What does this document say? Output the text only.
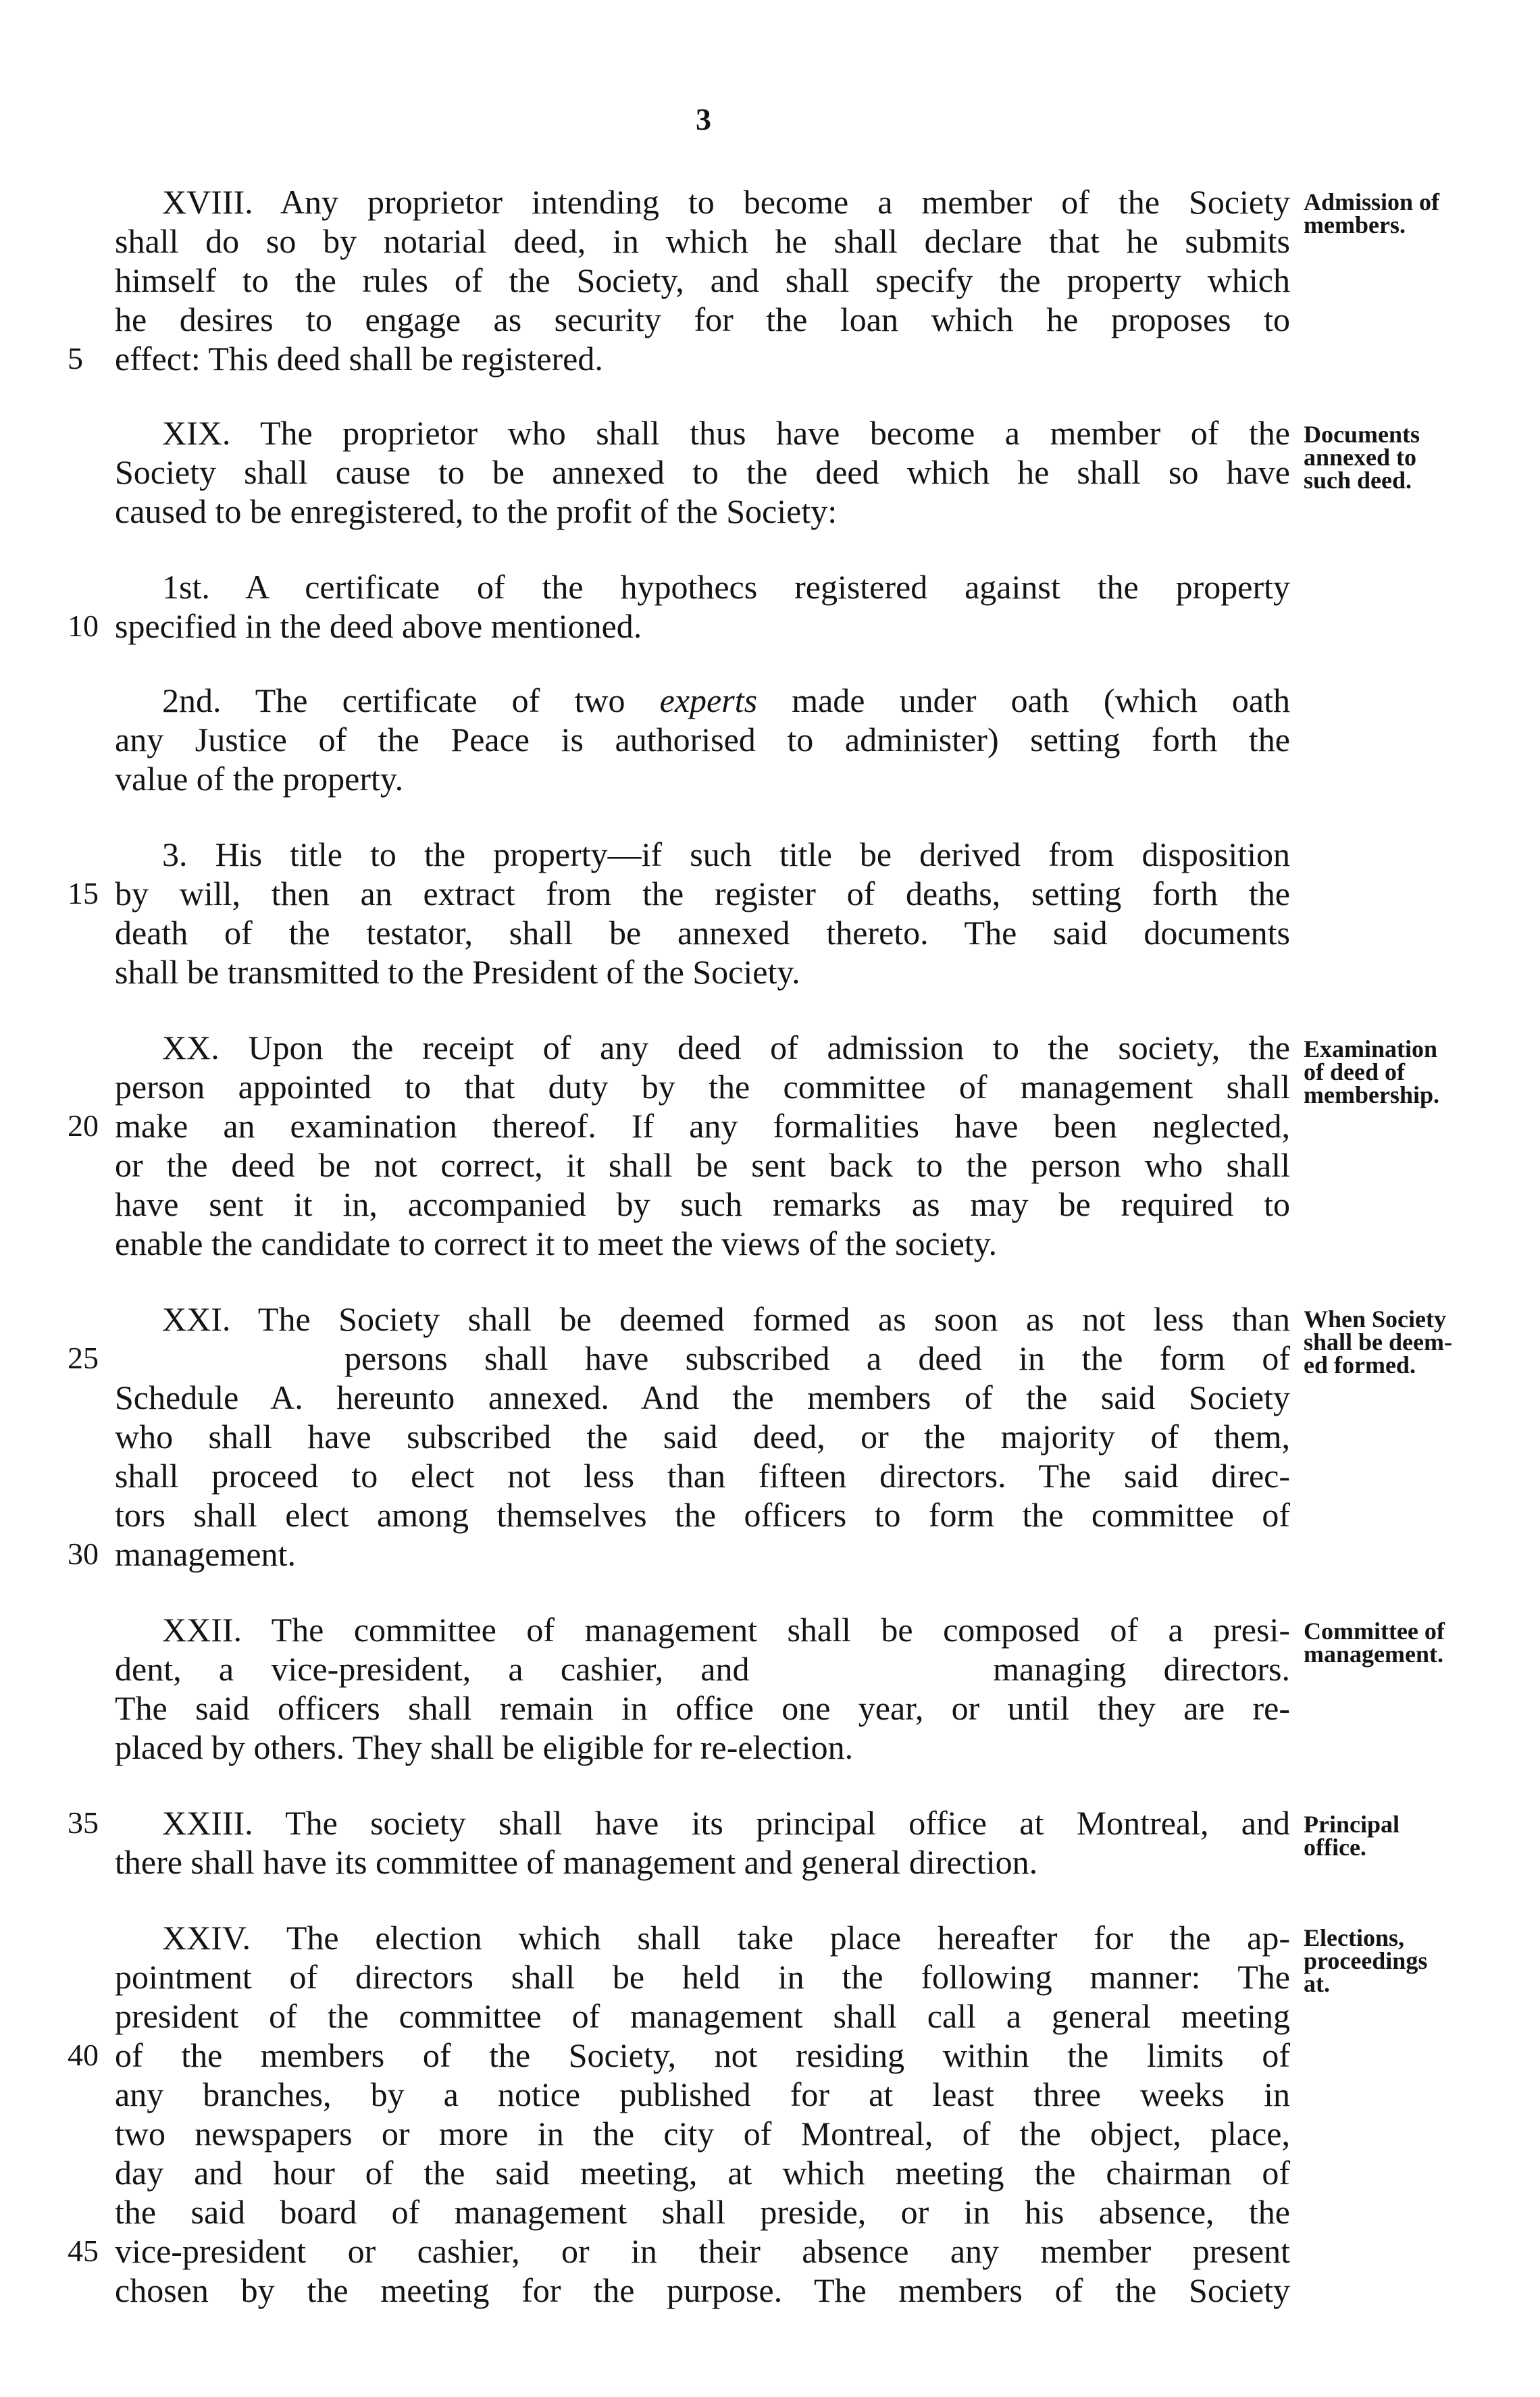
3
XVIII. Any proprietor intending to become a member of the Society
shall do so by notarial deed, in which he shall declare that he submits
himself to the rules of the Society, and shall specify the property which
he desires to engage as security for the loan which he proposes to
effect: This deed shall be registered.
XIX. The proprietor who shall thus have become a member of the
Society shall cause to be annexed to the deed which he shall so have
caused to be enregistered, to the profit of the Society:
1st. A certificate of the hypothecs registered against the property
specified in the deed above mentioned.
2nd. The certificate of two experts made under oath (which oath
any Justice of the Peace is authorised to administer) setting forth the
value of the property.
3. His title to the property—if such title be derived from disposition
by will, then an extract from the register of deaths, setting forth the
death of the testator, shall be annexed thereto. The said documents
shall be transmitted to the President of the Society.
XX. Upon the receipt of any deed of admission to the society, the
person appointed to that duty by the committee of management shall
make an examination thereof. If any formalities have been neglected,
or the deed be not correct, it shall be sent back to the person who shall
have sent it in, accompanied by such remarks as may be required to
enable the candidate to correct it to meet the views of the society.
XXI. The Society shall be deemed formed as soon as not less than
persons shall have subscribed a deed in the form of
Schedule A. hereunto annexed. And the members of the said Society
who shall have subscribed the said deed, or the majority of them,
shall proceed to elect not less than fifteen directors. The said direc-
tors shall elect among themselves the officers to form the committee of
management.
XXII. The committee of management shall be composed of a presi-
dent, a vice-president, a cashier, and	managing directors.
The said officers shall remain in office one year, or until they are re-
placed by others. They shall be eligible for re-election.
XXIII. The society shall have its principal office at Montreal, and
there shall have its committee of management and general direction.
XXIV. The election which shall take place hereafter for the ap-
pointment of directors shall be held in the following manner: The
president of the committee of management shall call a general meeting
of the members of the Society, not residing within the limits of
any branches, by a notice published for at least three weeks in
two newspapers or more in the city of Montreal, of the object, place,
day and hour of the said meeting, at which meeting the chairman of
the said board of management shall preside, or in his absence, the
vice-president or cashier, or in their absence any member present
chosen by the meeting for the purpose. The members of the Society
5
10
15
20
25
30
35
40
45
Admission of
members.
Documents
annexed to
such deed.
Examination
of deed of
membership.
When Society
shall be deem-
ed formed.
Committee of
management.
Principal
office.
Elections,
proceedings
at.
